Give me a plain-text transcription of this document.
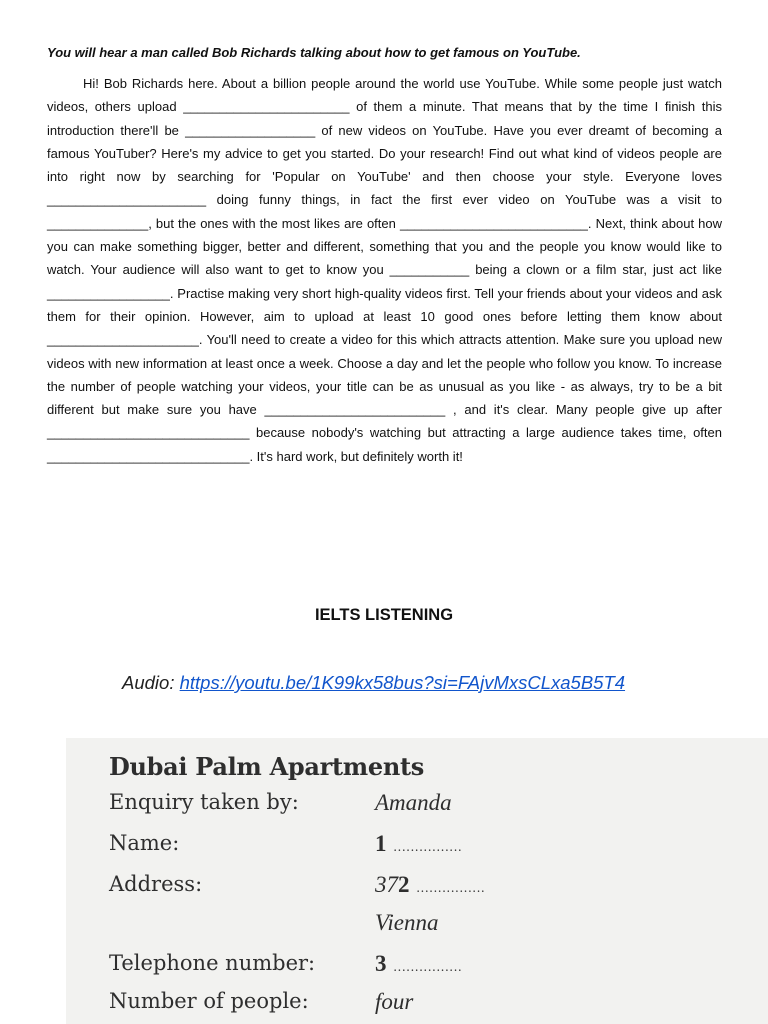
You will hear a man called Bob Richards talking about how to get famous on YouTube.
Hi! Bob Richards here. About a billion people around the world use YouTube. While some people just watch videos, others upload _______________________ of them a minute. That means that by the time I finish this introduction there'll be __________________ of new videos on YouTube. Have you ever dreamt of becoming a famous YouTuber? Here's my advice to get you started. Do your research! Find out what kind of videos people are into right now by searching for 'Popular on YouTube' and then choose your style. Everyone loves ______________________ doing funny things, in fact the first ever video on YouTube was a visit to ______________, but the ones with the most likes are often __________________________. Next, think about how you can make something bigger, better and different, something that you and the people you know would like to watch. Your audience will also want to get to know you ___________ being a clown or a film star, just act like _________________. Practise making very short high-quality videos first. Tell your friends about your videos and ask them for their opinion. However, aim to upload at least 10 good ones before letting them know about _____________________. You'll need to create a video for this which attracts attention. Make sure you upload new videos with new information at least once a week. Choose a day and let the people who follow you know. To increase the number of people watching your videos, your title can be as unusual as you like - as always, try to be a bit different but make sure you have _________________________ , and it's clear. Many people give up after ____________________________ because nobody's watching but attracting a large audience takes time, often ____________________________. It's hard work, but definitely worth it!
IELTS LISTENING
Audio: https://youtu.be/1K99kx58bus?si=FAjvMxsCLxa5B5T4
Dubai Palm Apartments
Enquiry taken by:	Amanda
Name:	1 ................
Address:	372 ................
Vienna
Telephone number:	3 ................
Number of people:	four
